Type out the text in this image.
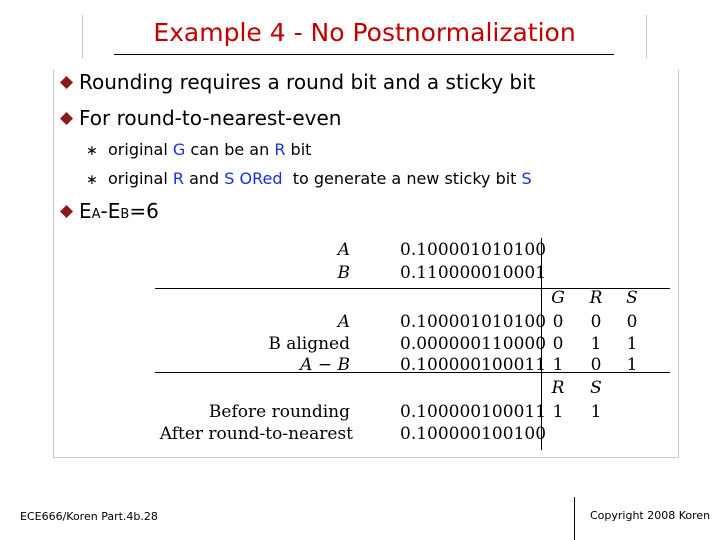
Example 4 - No Postnormalization
Rounding requires a round bit and a sticky bit
For round-to-nearest-even
∗ original G can be an R bit
∗ original R and S ORed  to generate a new sticky bit S
EA-EB=6
A	0.100001010100
B	0.110000010001
G	R	S
A	0.100001010100 0	0	0
B aligned	0.000000110000 0	1	1
A − B	0.100000100011 1	0	1
R	S
Before rounding	0.100000100011 1	1
After round-to-nearest	0.100000100100
ECE666/Koren Part.4b.28	Copyright 2008 Koren
